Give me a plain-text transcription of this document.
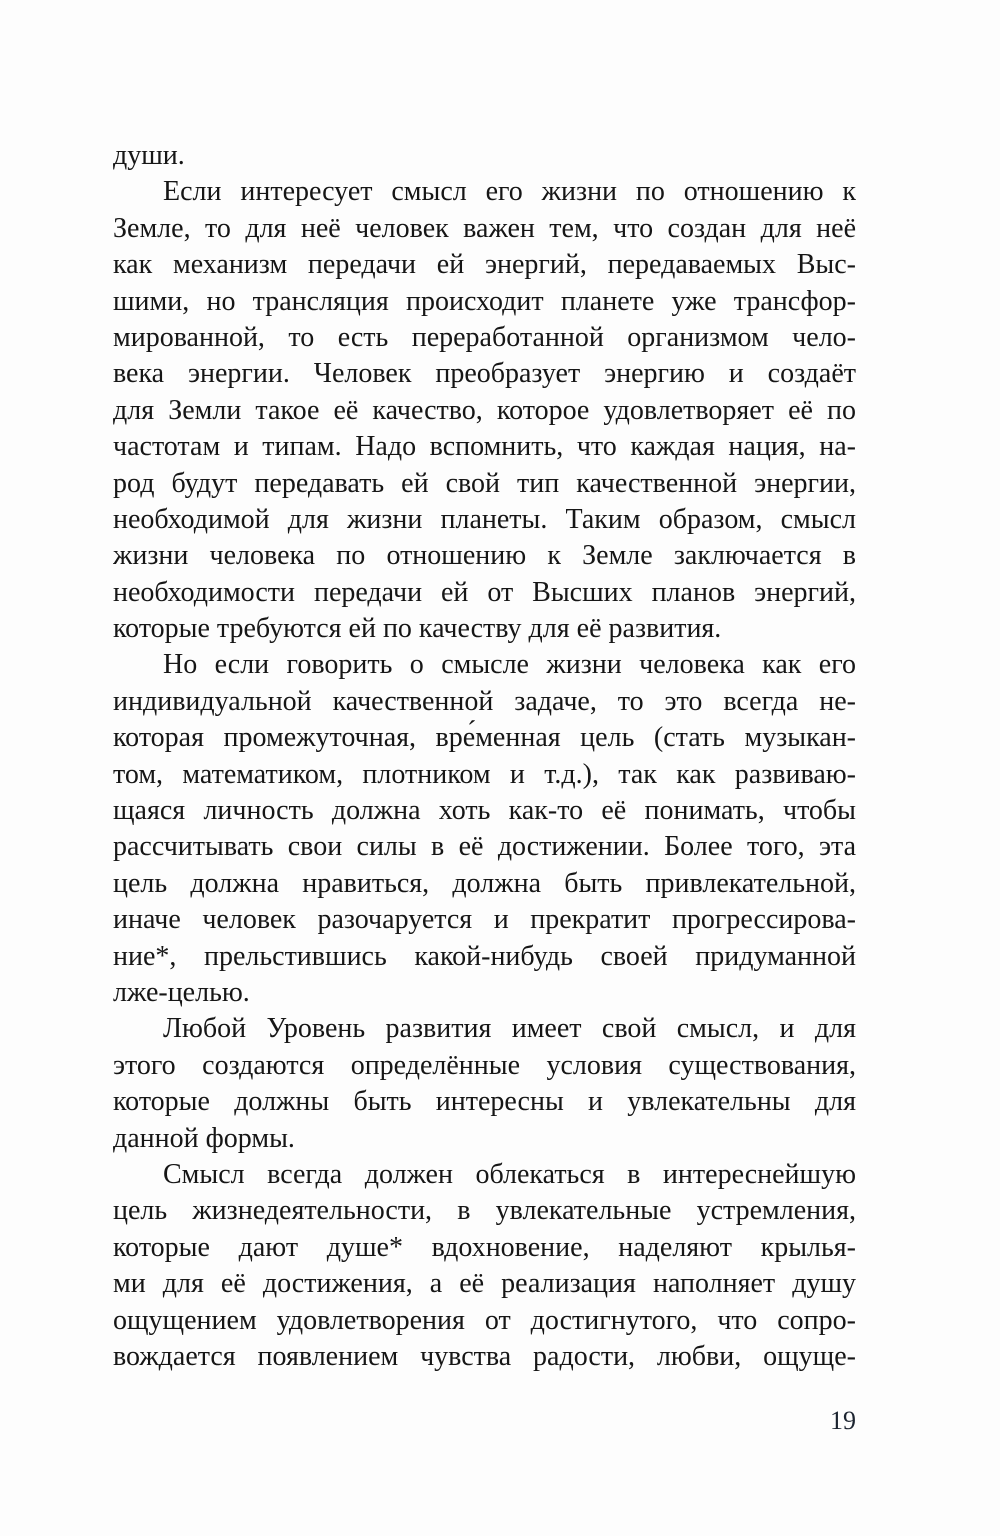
души.
Если интересует смысл его жизни по отношению к
Земле, то для неё человек важен тем, что создан для неё
как механизм передачи ей энергий, передаваемых Выс-
шими, но трансляция происходит планете уже трансфор-
мированной, то есть переработанной организмом чело-
века энергии. Человек преобразует энергию и создаёт
для Земли такое её качество, которое удовлетворяет её по
частотам и типам. Надо вспомнить, что каждая нация, на-
род будут передавать ей свой тип качественной энергии,
необходимой для жизни планеты. Таким образом, смысл
жизни человека по отношению к Земле заключается в
необходимости передачи ей от Высших планов энергий,
которые требуются ей по качеству для её развития.
Но если говорить о смысле жизни человека как его
индивидуальной качественной задаче, то это всегда не-
которая промежуточная, вре́менная цель (стать музыкан-
том, математиком, плотником и т.д.), так как развиваю-
щаяся личность должна хоть как-то её понимать, чтобы
рассчитывать свои силы в её достижении. Более того, эта
цель должна нравиться, должна быть привлекательной,
иначе человек разочаруется и прекратит прогрессирова-
ние*, прельстившись какой-нибудь своей придуманной
лже-целью.
Любой Уровень развития имеет свой смысл, и для
этого создаются определённые условия существования,
которые должны быть интересны и увлекательны для
данной формы.
Смысл всегда должен облекаться в интереснейшую
цель жизнедеятельности, в увлекательные устремления,
которые дают душе* вдохновение, наделяют крылья-
ми для её достижения, а её реализация наполняет душу
ощущением удовлетворения от достигнутого, что сопро-
вождается появлением чувства радости, любви, ощуще-
19
